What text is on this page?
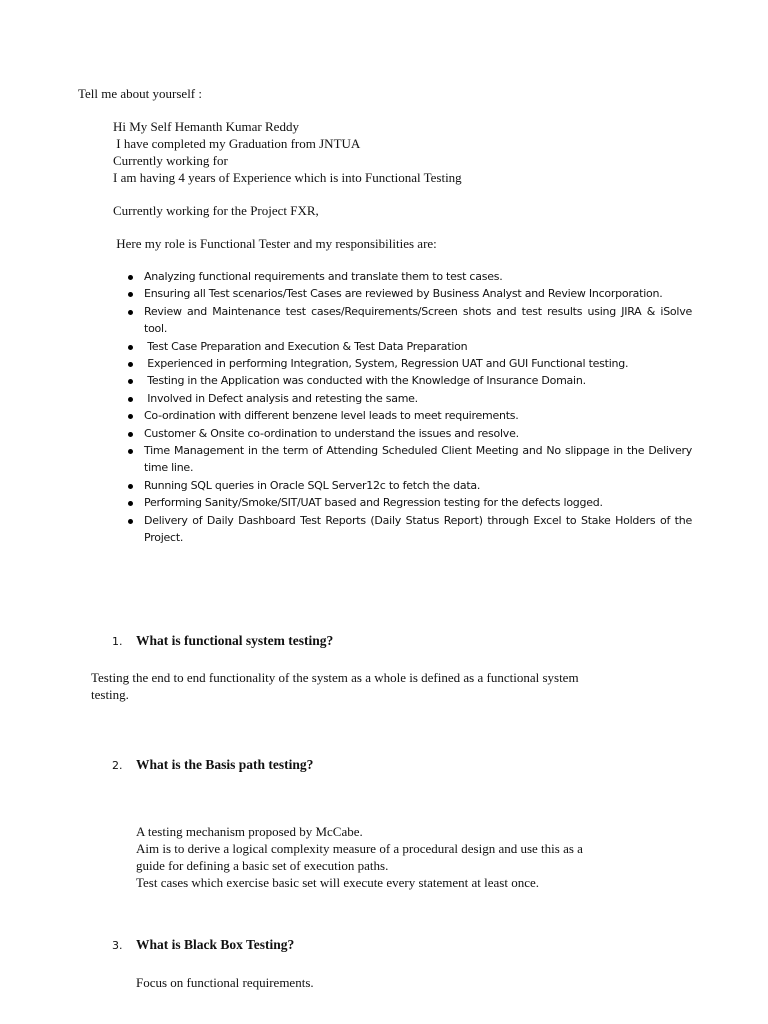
Tell me about yourself :

Hi My Self Hemanth Kumar Reddy

I have completed my Graduation from JNTUA

Currently working for

I am having 4 years of Experience which is into Functional Testing

Currently working for the Project FXR,

Here my role is Functional Tester and my responsibilities are:

Analyzing functional requirements and translate them to test cases.
Ensuring all Test scenarios/Test Cases are reviewed by Business Analyst and Review Incorporation.
Review and Maintenance test cases/Requirements/Screen shots and test results using JIRA & iSolve tool.
Test Case Preparation and Execution & Test Data Preparation
Experienced in performing Integration, System, Regression UAT and GUI Functional testing.
Testing in the Application was conducted with the Knowledge of Insurance Domain.
Involved in Defect analysis and retesting the same.
Co-ordination with different benzene level leads to meet requirements.
Customer & Onsite co-ordination to understand the issues and resolve.
Time Management in the term of Attending Scheduled Client Meeting and No slippage in the Delivery time line.
Running SQL queries in Oracle SQL Server12c to fetch the data.
Performing Sanity/Smoke/SIT/UAT based and Regression testing for the defects logged.
Delivery of Daily Dashboard Test Reports (Daily Status Report) through Excel to Stake Holders of the Project.
1.	What is functional system testing?

Testing the end to end functionality of the system as a whole is defined as a functional system

testing.

2.	What is the Basis path testing?

A testing mechanism proposed by McCabe.

Aim is to derive a logical complexity measure of a procedural design and use this as a

guide for defining a basic set of execution paths.

Test cases which exercise basic set will execute every statement at least once.

3.	What is Black Box Testing?

Focus on functional requirements.
